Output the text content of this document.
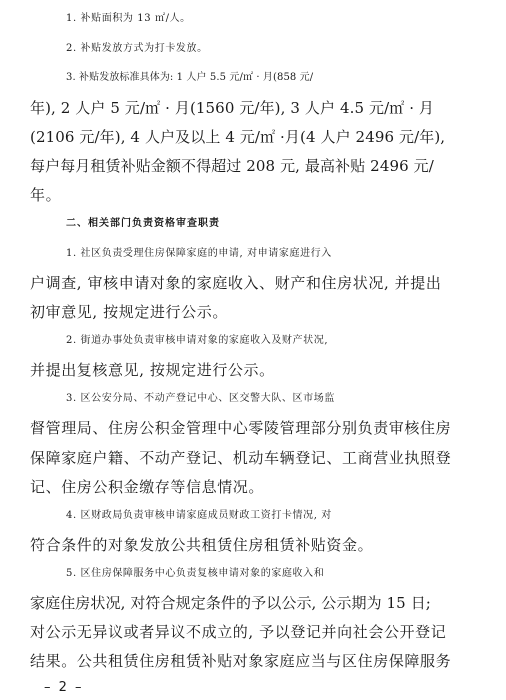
1. 补贴面积为 13 ㎡/人。
2. 补贴发放方式为打卡发放。
3. 补贴发放标准具体为: 1 人户 5.5 元/㎡ · 月(858 元/
年), 2 人户 5 元/㎡ · 月(1560 元/年), 3 人户 4.5 元/㎡ · 月
(2106 元/年), 4 人户及以上 4 元/㎡ ·月(4 人户 2496 元/年),
每户每月租赁补贴金额不得超过 208 元, 最高补贴 2496 元/
年。
二、相关部门负责资格审查职责
1. 社区负责受理住房保障家庭的申请, 对申请家庭进行入
户调查, 审核申请对象的家庭收入、财产和住房状况, 并提出
初审意见, 按规定进行公示。
2. 街道办事处负责审核申请对象的家庭收入及财产状况,
并提出复核意见, 按规定进行公示。
3. 区公安分局、不动产登记中心、区交警大队、区市场监
督管理局、住房公积金管理中心零陵管理部分别负责审核住房
保障家庭户籍、不动产登记、机动车辆登记、工商营业执照登
记、住房公积金缴存等信息情况。
4. 区财政局负责审核申请家庭成员财政工资打卡情况, 对
符合条件的对象发放公共租赁住房租赁补贴资金。
5. 区住房保障服务中心负责复核申请对象的家庭收入和
家庭住房状况, 对符合规定条件的予以公示, 公示期为 15 日;
对公示无异议或者异议不成立的, 予以登记并向社会公开登记
结果。公共租赁住房租赁补贴对象家庭应当与区住房保障服务
– 2 –
